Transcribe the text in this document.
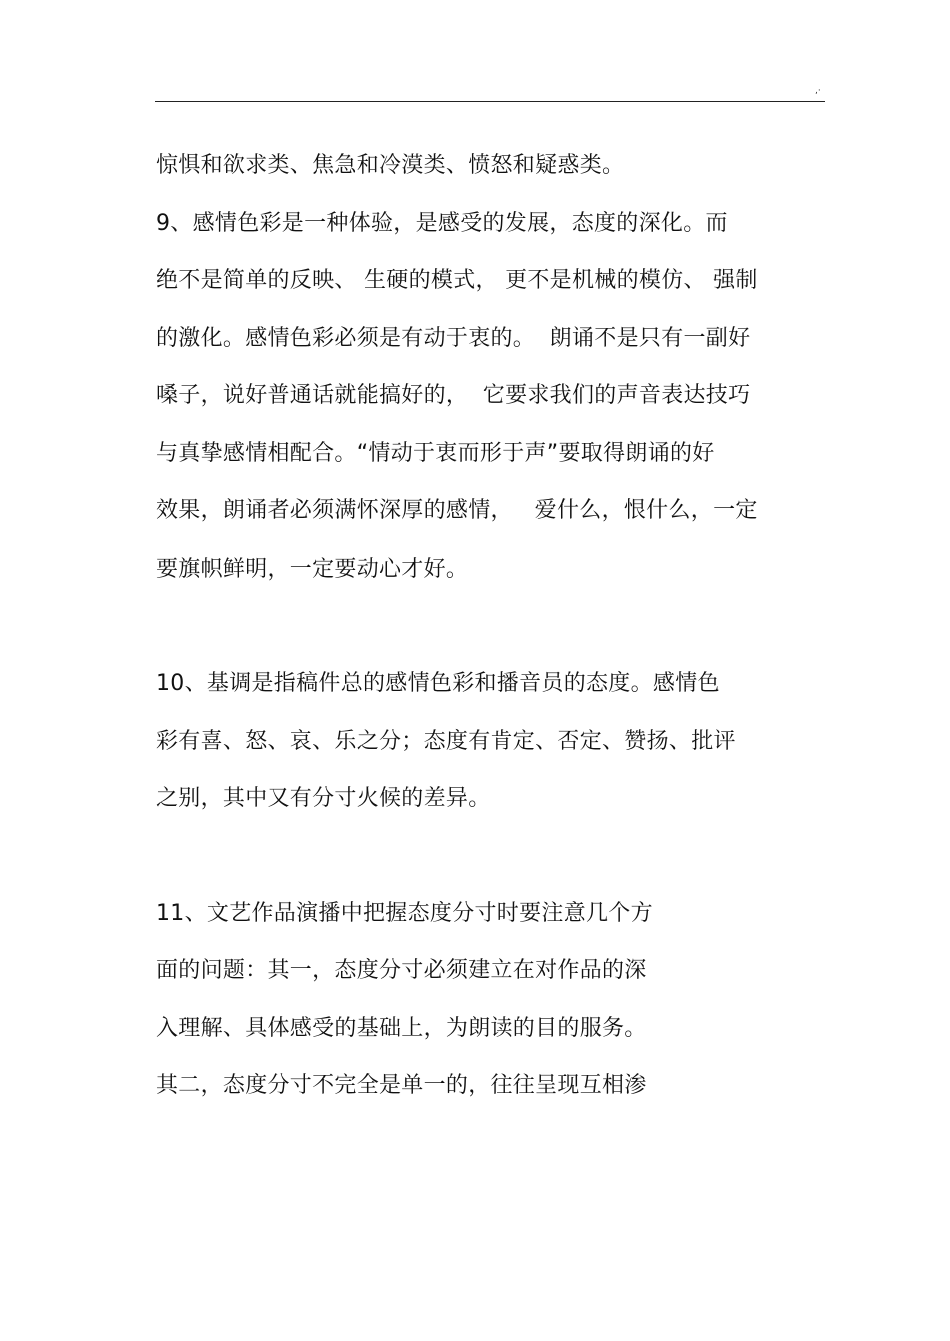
,·
惊惧和欲求类、焦急和冷漠类、愤怒和疑惑类。
9、感情色彩是一种体验，是感受的发展，态度的深化。而
绝不是简单的反映、 生硬的模式， 更不是机械的模仿、 强制
的激化。感情色彩必须是有动于衷的。  朗诵不是只有一副好
嗓子，说好普通话就能搞好的，  它要求我们的声音表达技巧
与真挚感情相配合。“情动于衷而形于声”要取得朗诵的好
效果，朗诵者必须满怀深厚的感情，   爱什么，恨什么，一定
要旗帜鲜明，一定要动心才好。
10、基调是指稿件总的感情色彩和播音员的态度。感情色
彩有喜、怒、哀、乐之分；态度有肯定、否定、赞扬、批评
之别，其中又有分寸火候的差异。
11、文艺作品演播中把握态度分寸时要注意几个方
面的问题：其一，态度分寸必须建立在对作品的深
入理解、具体感受的基础上，为朗读的目的服务。
其二，态度分寸不完全是单一的，往往呈现互相渗
